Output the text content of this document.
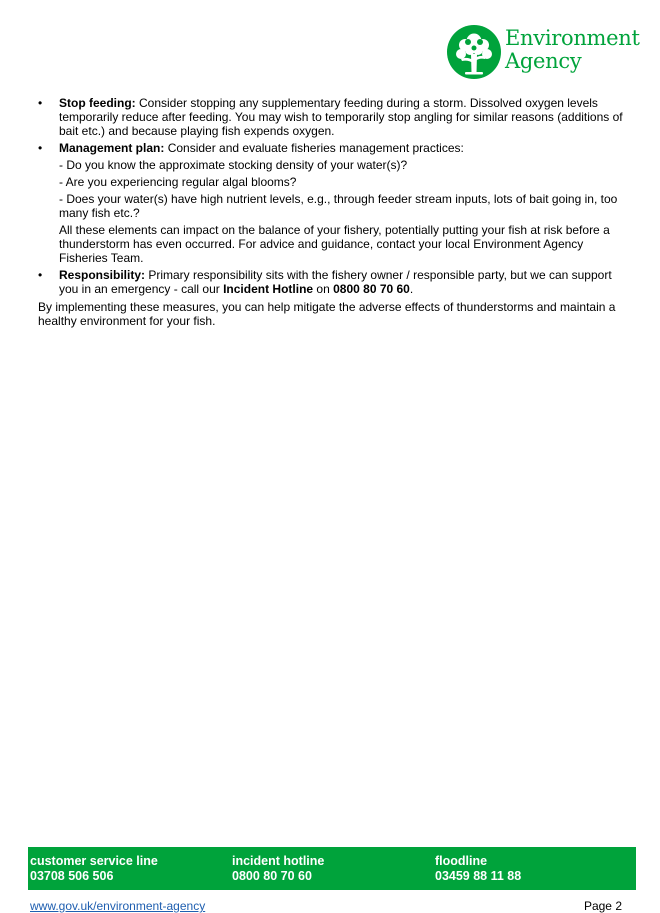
Environment
Agency
• Stop feeding: Consider stopping any supplementary feeding during a storm. Dissolved oxygen levels temporarily reduce after feeding. You may wish to temporarily stop angling for similar reasons (additions of bait etc.) and because playing fish expends oxygen.

• Management plan: Consider and evaluate fisheries management practices:

- Do you know the approximate stocking density of your water(s)?
- Are you experiencing regular algal blooms?
- Does your water(s) have high nutrient levels, e.g., through feeder stream inputs, lots of bait going in, too many fish etc.?
All these elements can impact on the balance of your fishery, potentially putting your fish at risk before a thunderstorm has even occurred. For advice and guidance, contact your local Environment Agency Fisheries Team.
• Responsibility: Primary responsibility sits with the fishery owner / responsible party, but we can support you in an emergency - call our Incident Hotline on 0800 80 70 60.

By implementing these measures, you can help mitigate the adverse effects of thunderstorms and maintain a healthy environment for your fish.

customer service line
03708 506 506
incident hotline
0800 80 70 60
floodline
03459 88 11 88
www.gov.uk/environment-agency	Page 2
